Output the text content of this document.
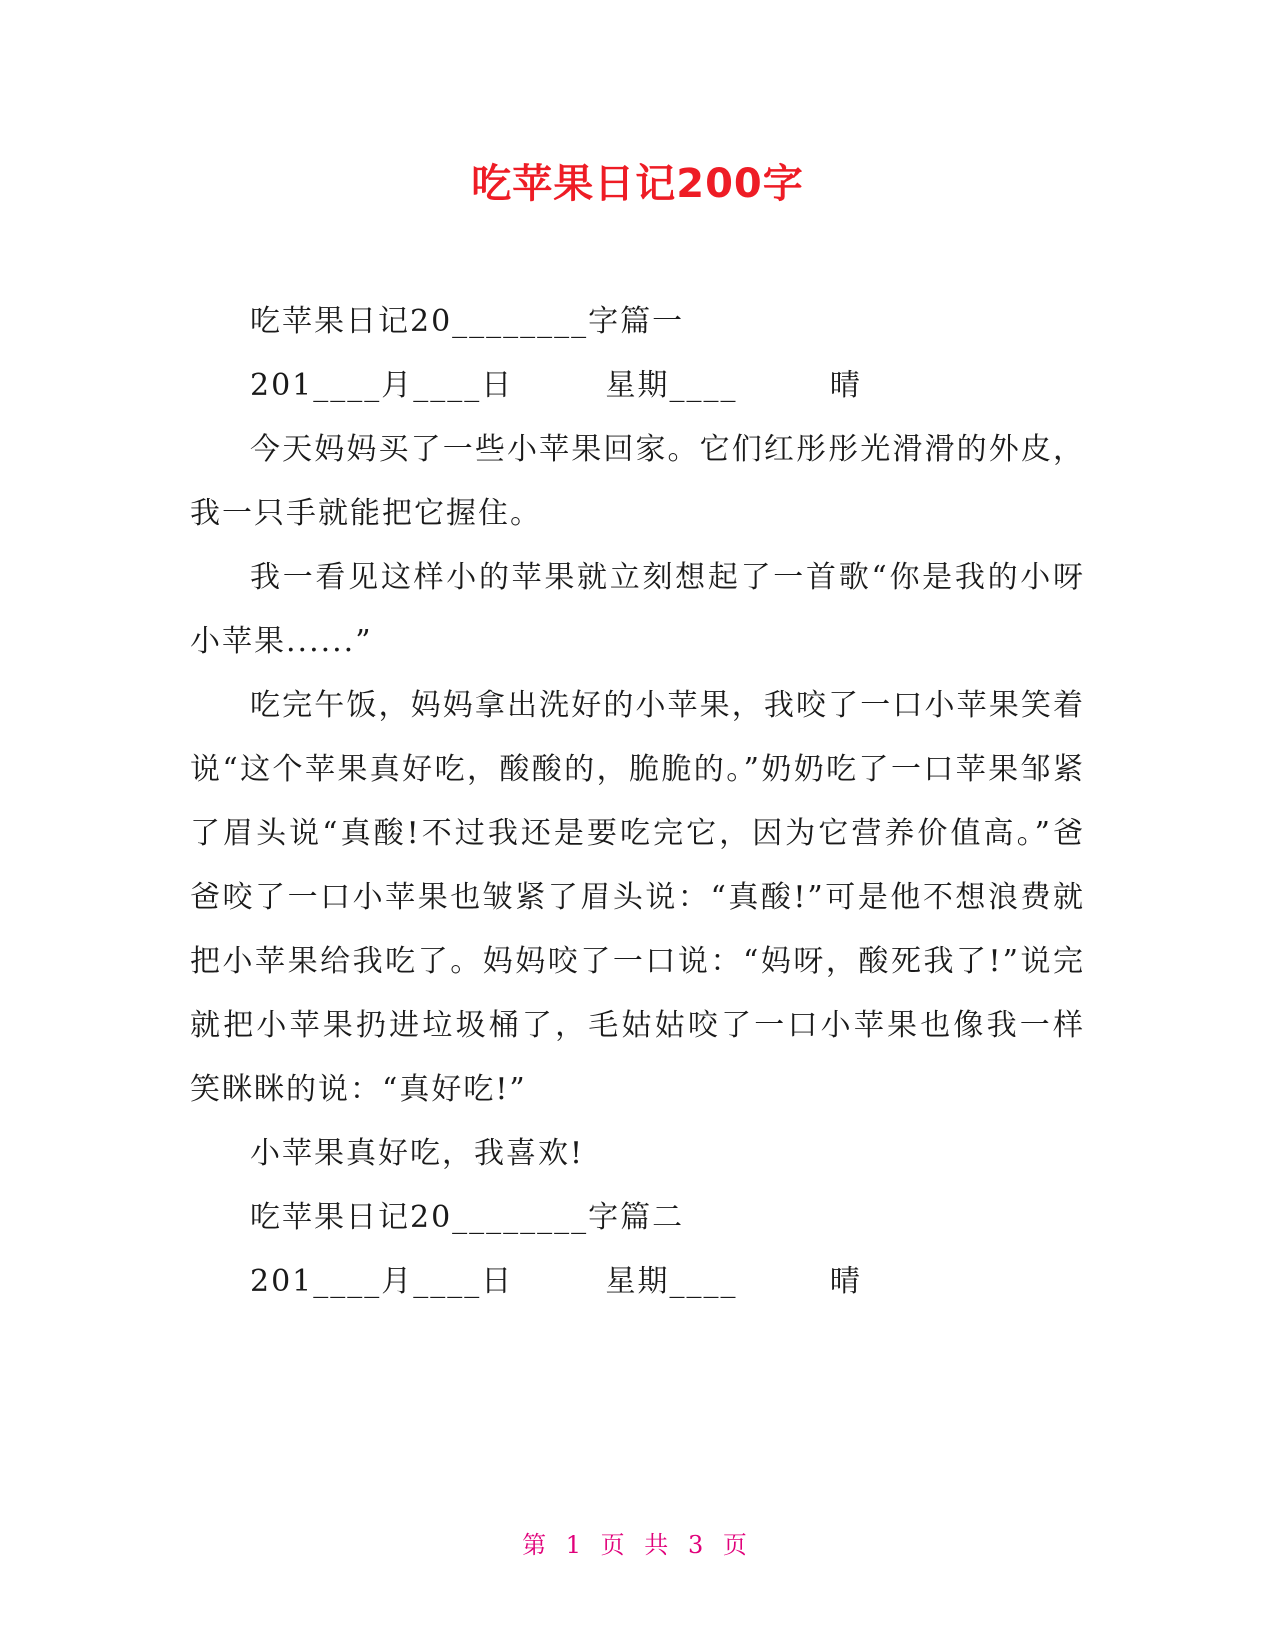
吃苹果日记200字

吃苹果日记20________字篇一

201____月____日        星期____        晴

今天妈妈买了一些小苹果回家。它们红彤彤光滑滑的外皮，我一只手就能把它握住。

我一看见这样小的苹果就立刻想起了一首歌“你是我的小呀小苹果......”

吃完午饭，妈妈拿出洗好的小苹果，我咬了一口小苹果笑着说“这个苹果真好吃，酸酸的，脆脆的。”奶奶吃了一口苹果邹紧了眉头说“真酸!不过我还是要吃完它，因为它营养价值高。”爸爸咬了一口小苹果也皱紧了眉头说：“真酸!”可是他不想浪费就把小苹果给我吃了。妈妈咬了一口说：“妈呀，酸死我了!”说完就把小苹果扔进垃圾桶了，毛姑姑咬了一口小苹果也像我一样笑眯眯的说：“真好吃!”

小苹果真好吃，我喜欢!

吃苹果日记20________字篇二

201____月____日        星期____        晴

第 1 页 共 3 页
